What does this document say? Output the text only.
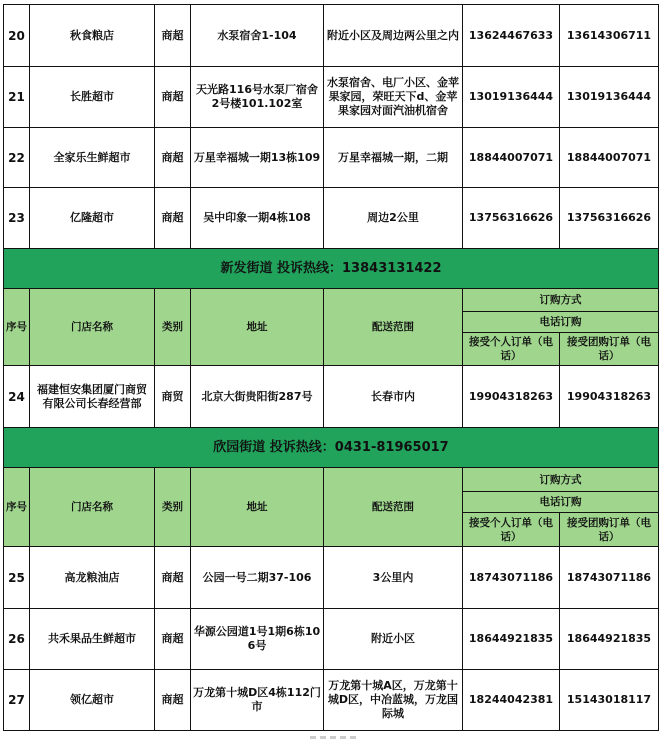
20	秋食粮店	商超	水泵宿舍1-104	附近小区及周边两公里之内	13624467633	13614306711
21	长胜超市	商超	天光路116号水泵厂宿舍2号楼101.102室	水泵宿舍、电厂小区、金苹果家园，荣旺天下d、金苹果家园对面汽油机宿舍	13019136444	13019136444
22	全家乐生鲜超市	商超	万星幸福城一期13栋109	万星幸福城一期，二期	18844007071	18844007071
23	亿隆超市	商超	吴中印象一期4栋108	周边2公里	13756316626	13756316626
新发街道 投诉热线：13843131422						
序号	门店名称	类别	地址	配送范围	订购方式	
					电话订购	
					接受个人订单（电话）	接受团购订单（电话）
24	福建恒安集团厦门商贸有限公司长春经营部	商贸	北京大街贵阳街287号	长春市内	19904318263	19904318263
欣园街道 投诉热线：0431-81965017						
序号	门店名称	类别	地址	配送范围	订购方式	
					电话订购	
					接受个人订单（电话）	接受团购订单（电话）
25	高龙粮油店	商超	公园一号二期37-106	3公里内	18743071186	18743071186
26	共禾果品生鲜超市	商超	华源公园道1号1期6栋106号	附近小区	18644921835	18644921835
27	领亿超市	商超	万龙第十城D区4栋112门市	万龙第十城A区，万龙第十城D区，中冶蓝城，万龙国际城	18244042381	15143018117
